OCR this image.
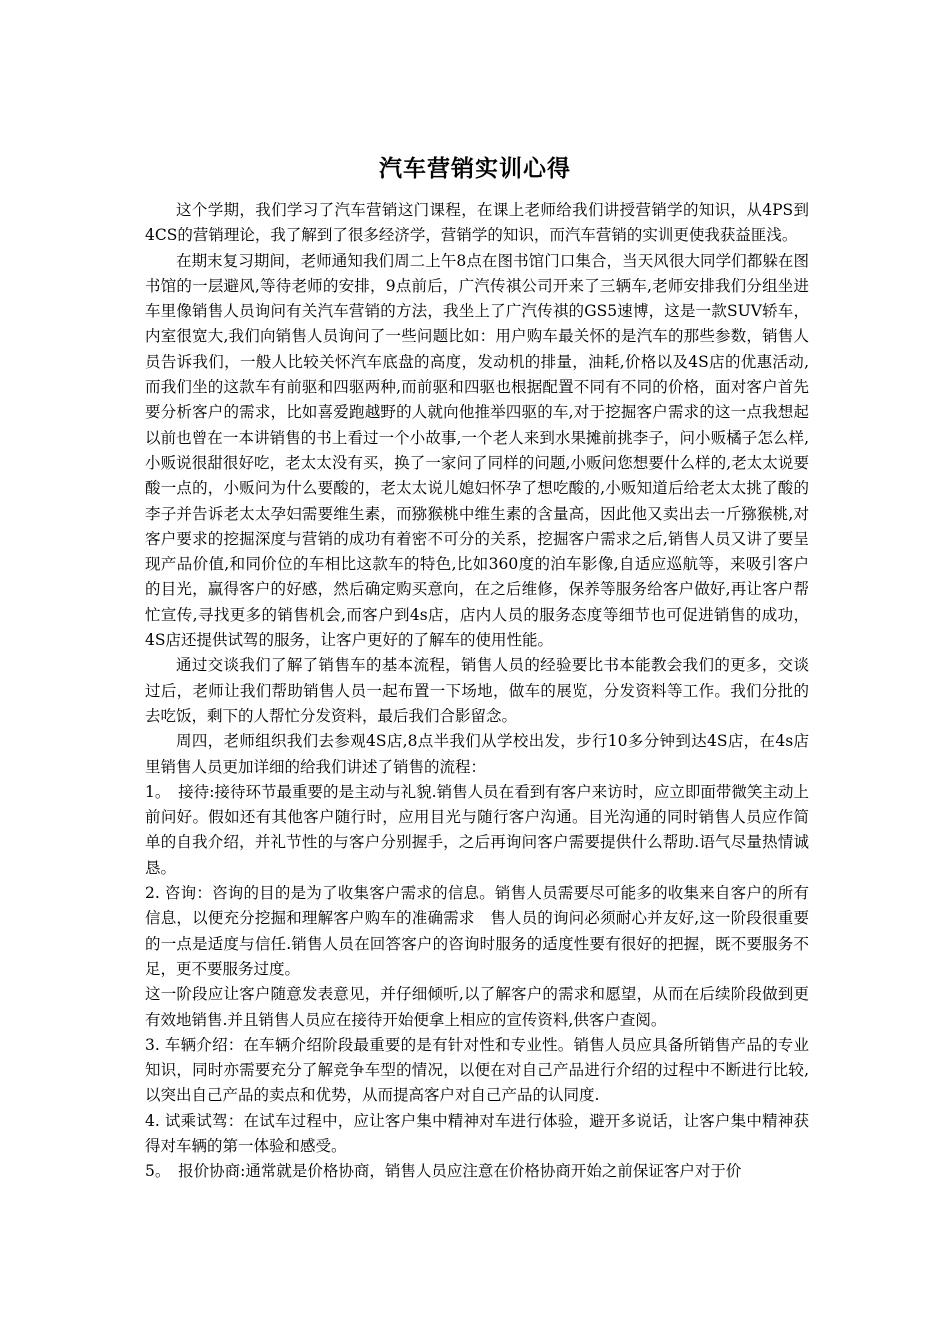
汽车营销实训心得

这个学期，我们学习了汽车营销这门课程，在课上老师给我们讲授营销学的知识，从4PS到4CS的营销理论，我了解到了很多经济学，营销学的知识，而汽车营销的实训更使我获益匪浅。

在期末复习期间，老师通知我们周二上午8点在图书馆门口集合，当天风很大同学们都躲在图书馆的一层避风,等待老师的安排，9点前后，广汽传祺公司开来了三辆车,老师安排我们分组坐进车里像销售人员询问有关汽车营销的方法，我坐上了广汽传祺的GS5速博，这是一款SUV轿车，内室很宽大,我们向销售人员询问了一些问题比如：用户购车最关怀的是汽车的那些参数，销售人员告诉我们，一般人比较关怀汽车底盘的高度，发动机的排量，油耗,价格以及4S店的优惠活动,而我们坐的这款车有前驱和四驱两种,而前驱和四驱也根据配置不同有不同的价格，面对客户首先要分析客户的需求，比如喜爱跑越野的人就向他推举四驱的车,对于挖掘客户需求的这一点我想起以前也曾在一本讲销售的书上看过一个小故事,一个老人来到水果摊前挑李子，问小贩橘子怎么样,小贩说很甜很好吃，老太太没有买，换了一家问了同样的问题,小贩问您想要什么样的,老太太说要酸一点的，小贩问为什么要酸的，老太太说儿媳妇怀孕了想吃酸的,小贩知道后给老太太挑了酸的李子并告诉老太太孕妇需要维生素，而猕猴桃中维生素的含量高，因此他又卖出去一斤猕猴桃,对客户要求的挖掘深度与营销的成功有着密不可分的关系，挖掘客户需求之后,销售人员又讲了要呈现产品价值,和同价位的车相比这款车的特色,比如360度的泊车影像,自适应巡航等，来吸引客户的目光，赢得客户的好感，然后确定购买意向，在之后维修，保养等服务给客户做好,再让客户帮忙宣传,寻找更多的销售机会,而客户到4s店，店内人员的服务态度等细节也可促进销售的成功，4S店还提供试驾的服务，让客户更好的了解车的使用性能。

通过交谈我们了解了销售车的基本流程，销售人员的经验要比书本能教会我们的更多，交谈过后，老师让我们帮助销售人员一起布置一下场地，做车的展览，分发资料等工作。我们分批的去吃饭，剩下的人帮忙分发资料，最后我们合影留念。

周四，老师组织我们去参观4S店,8点半我们从学校出发，步行10多分钟到达4S店，在4s店里销售人员更加详细的给我们讲述了销售的流程：

1。　接待:接待环节最重要的是主动与礼貌.销售人员在看到有客户来访时，应立即面带微笑主动上前问好。假如还有其他客户随行时，应用目光与随行客户沟通。目光沟通的同时销售人员应作简单的自我介绍，并礼节性的与客户分别握手，之后再询问客户需要提供什么帮助.语气尽量热情诚恳。

2. 咨询：咨询的目的是为了收集客户需求的信息。销售人员需要尽可能多的收集来自客户的所有信息，以便充分挖掘和理解客户购车的准确需求　售人员的询问必须耐心并友好,这一阶段很重要的一点是适度与信任.销售人员在回答客户的咨询时服务的适度性要有很好的把握，既不要服务不足，更不要服务过度。

这一阶段应让客户随意发表意见，并仔细倾听,以了解客户的需求和愿望，从而在后续阶段做到更有效地销售.并且销售人员应在接待开始便拿上相应的宣传资料,供客户查阅。

3. 车辆介绍：在车辆介绍阶段最重要的是有针对性和专业性。销售人员应具备所销售产品的专业知识，同时亦需要充分了解竞争车型的情况，以便在对自己产品进行介绍的过程中不断进行比较,以突出自己产品的卖点和优势，从而提高客户对自己产品的认同度.

4. 试乘试驾：在试车过程中，应让客户集中精神对车进行体验，避开多说话，让客户集中精神获得对车辆的第一体验和感受。

5。　报价协商:通常就是价格协商，销售人员应注意在价格协商开始之前保证客户对于价
